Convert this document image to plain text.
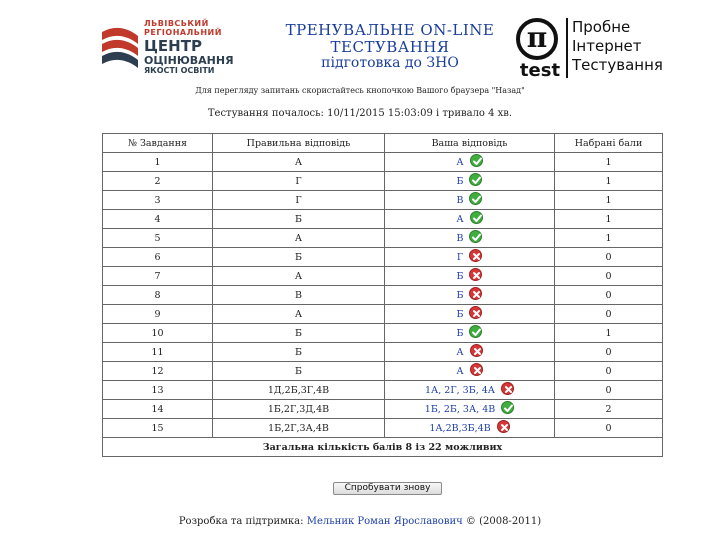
ЛЬВІВСЬКИЙ
РЕГІОНАЛЬНИЙ
ЦЕНТР
ОЦІНЮВАННЯ
ЯКОСТІ ОСВІТИ
ТРЕНУВАЛЬНЕ ON-LINE
ТЕСТУВАННЯ
підготовка до ЗНО
π
test
Пробне
Інтернет
Тестування
Для перегляду запитань скористайтесь кнопочкою Вашого браузера "Назад"
Тестування почалось: 10/11/2015 15:03:09 і тривало 4 хв.
№ Завдання	Правильна відповідь	Ваша відповідь	Набрані бали
1	А	А	1
2	Г	Б	1
3	Г	В	1
4	Б	А	1
5	А	В	1
6	Б	Г	0
7	А	Б	0
8	В	Б	0
9	А	Б	0
10	Б	Б	1
11	Б	А	0
12	Б	А	0
13	1Д,2Б,3Г,4В	1А, 2Г, 3Б, 4А	0
14	1Б,2Г,3Д,4В	1Б, 2Б, 3А, 4В	2
15	1Б,2Г,3А,4В	1А,2В,3Б,4В	0
Загальна кількість балів 8 із 22 можливих			
Спробувати знову
Розробка та підтримка: Мельник Роман Ярославович © (2008-2011)
